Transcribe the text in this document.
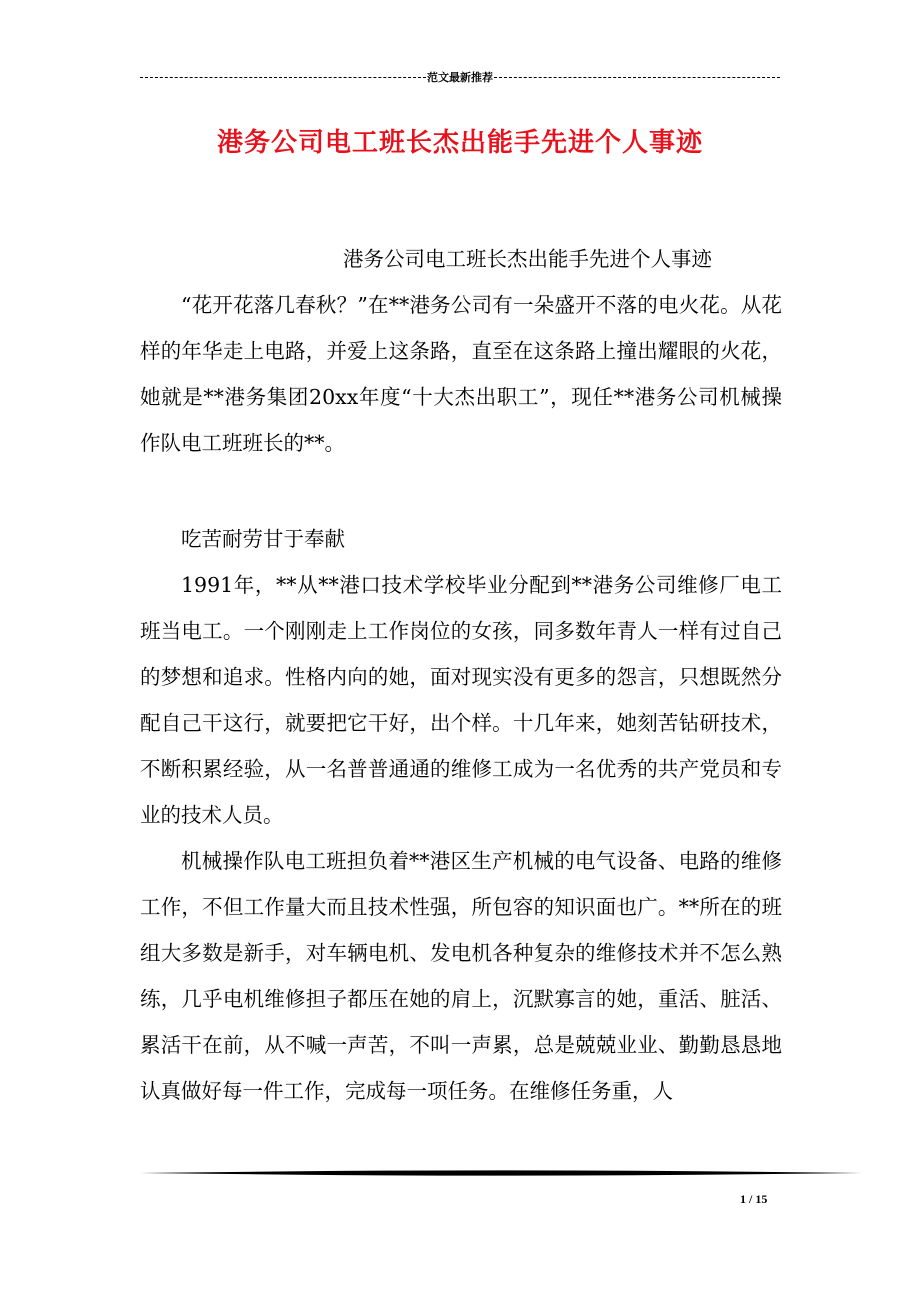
范文最新推荐
港务公司电工班长杰出能手先进个人事迹

港务公司电工班长杰出能手先进个人事迹

“花开花落几春秋？”在**港务公司有一朵盛开不落的电火花。从花样的年华走上电路，并爱上这条路，直至在这条路上撞出耀眼的火花，她就是**港务集团20xx年度“十大杰出职工”，现任**港务公司机械操作队电工班班长的**。

吃苦耐劳甘于奉献

1991年，**从**港口技术学校毕业分配到**港务公司维修厂电工班当电工。一个刚刚走上工作岗位的女孩，同多数年青人一样有过自己的梦想和追求。性格内向的她，面对现实没有更多的怨言，只想既然分配自己干这行，就要把它干好，出个样。十几年来，她刻苦钻研技术，不断积累经验，从一名普普通通的维修工成为一名优秀的共产党员和专业的技术人员。

机械操作队电工班担负着**港区生产机械的电气设备、电路的维修工作，不但工作量大而且技术性强，所包容的知识面也广。**所在的班组大多数是新手，对车辆电机、发电机各种复杂的维修技术并不怎么熟练，几乎电机维修担子都压在她的肩上，沉默寡言的她，重活、脏活、累活干在前，从不喊一声苦，不叫一声累，总是兢兢业业、勤勤恳恳地认真做好每一件工作，完成每一项任务。在维修任务重，人

1 / 15
